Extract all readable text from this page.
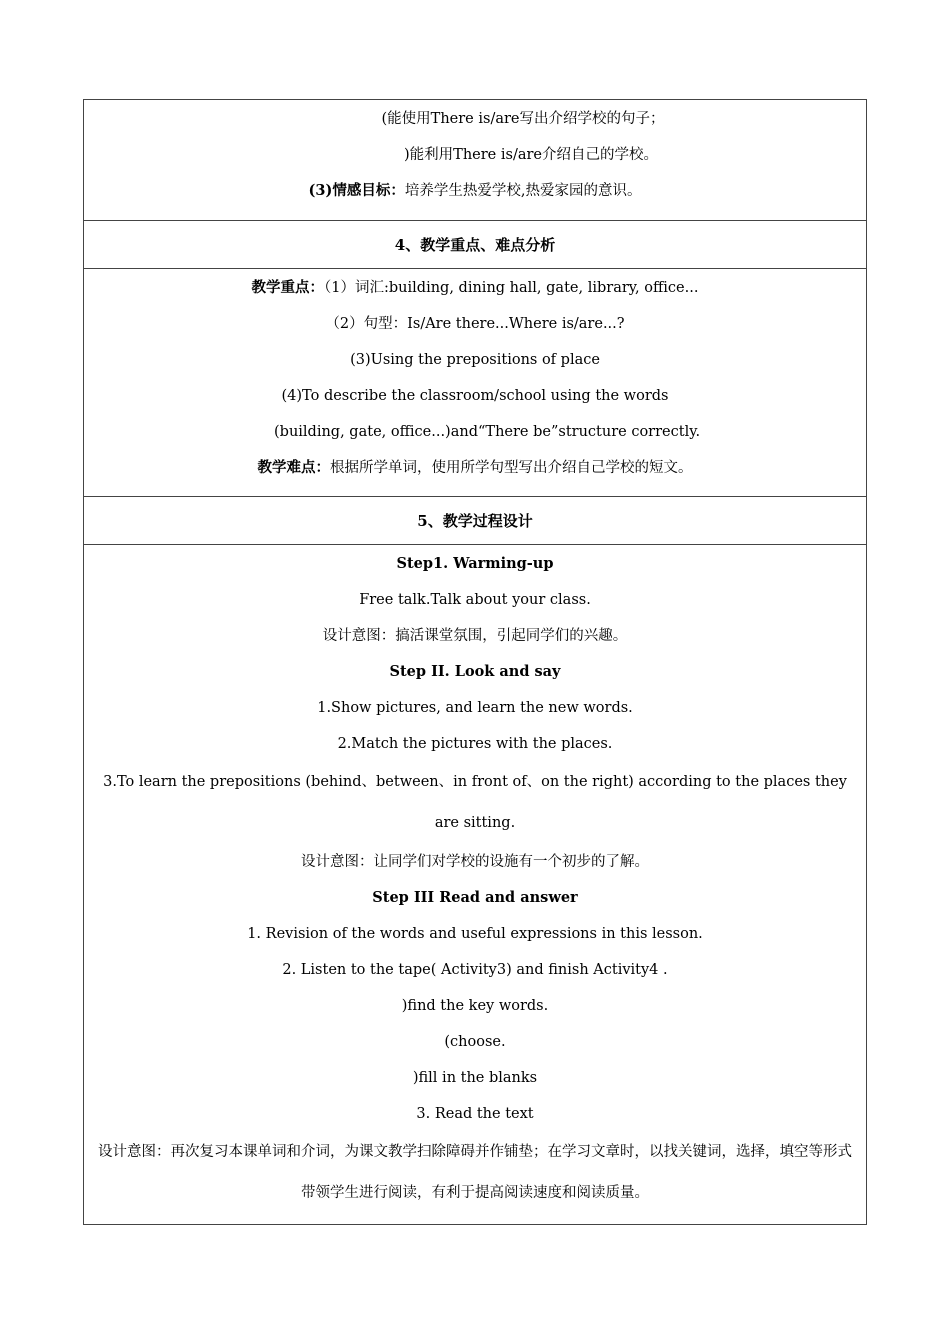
(能使用There is/are写出介绍学校的句子；
)能利用There is/are介绍自己的学校。
(3)情感目标：培养学生热爱学校,热爱家园的意识。
4、教学重点、难点分析
教学重点：（1）词汇:building, dining hall, gate, library, office...
（2）句型：Is/Are there...Where is/are...?
(3)Using the prepositions of place
(4)To describe the classroom/school using the words
(building, gate, office...)and“There be”structure correctly.
教学难点：根据所学单词，使用所学句型写出介绍自己学校的短文。
5、教学过程设计
Step1. Warming-up
Free talk.Talk about your class.
设计意图：搞活课堂氛围，引起同学们的兴趣。
Step II. Look and say
1.Show pictures, and learn the new words.
2.Match the pictures with the places.
3.To learn the prepositions (behind、between、in front of、on the right) according to the places they are sitting.
设计意图：让同学们对学校的设施有一个初步的了解。
Step III Read and answer
1. Revision of the words and useful expressions in this lesson.
2. Listen to the tape( Activity3) and finish Activity4 .
)find the key words.
(choose.
)fill in the blanks
3. Read the text
设计意图：再次复习本课单词和介词，为课文教学扫除障碍并作铺垫；在学习文章时，以找关键词，选择，填空等形式带领学生进行阅读，有利于提高阅读速度和阅读质量。
